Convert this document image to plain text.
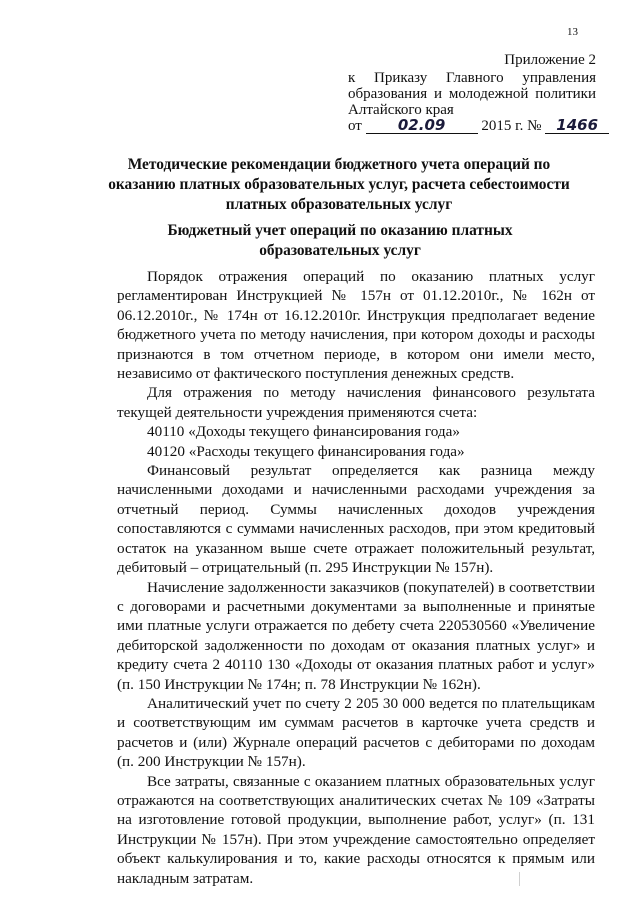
13
Приложение 2
к Приказу Главного управления
образования и молодежной политики
Алтайского края
от 02.09 2015 г. № 1466
Методические рекомендации бюджетного учета операций по оказанию платных образовательных услуг, расчета себестоимости платных образовательных услуг
Бюджетный учет операций по оказанию платных образовательных услуг

Порядок отражения операций по оказанию платных услуг регламентирован Инструкцией № 157н от 01.12.2010г., № 162н от 06.12.2010г., № 174н от 16.12.2010г. Инструкция предполагает ведение бюджетного учета по методу начисления, при котором доходы и расходы признаются в том отчетном периоде, в котором они имели место, независимо от фактического поступления денежных средств.

Для отражения по методу начисления финансового результата текущей деятельности учреждения применяются счета:

40110 «Доходы текущего финансирования года»

40120 «Расходы текущего финансирования года»

Финансовый результат определяется как разница между начисленными доходами и начисленными расходами учреждения за отчетный период. Суммы начисленных доходов учреждения сопоставляются с суммами начисленных расходов, при этом кредитовый остаток на указанном выше счете отражает положительный результат, дебитовый – отрицательный (п. 295 Инструкции № 157н).

Начисление задолженности заказчиков (покупателей) в соответствии с договорами и расчетными документами за выполненные и принятые ими платные услуги отражается по дебету счета 220530560 «Увеличение дебиторской задолженности по доходам от оказания платных услуг» и кредиту счета 2 40110 130 «Доходы от оказания платных работ и услуг» (п. 150 Инструкции № 174н; п. 78 Инструкции № 162н).

Аналитический учет по счету 2 205 30 000 ведется по плательщикам и соответствующим им суммам расчетов в карточке учета средств и расчетов и (или) Журнале операций расчетов с дебиторами по доходам (п. 200 Инструкции № 157н).

Все затраты, связанные с оказанием платных образовательных услуг отражаются на соответствующих аналитических счетах № 109 «Затраты на изготовление готовой продукции, выполнение работ, услуг» (п. 131 Инструкции № 157н). При этом учреждение самостоятельно определяет объект калькулирования и то, какие расходы относятся к прямым или накладным затратам.
